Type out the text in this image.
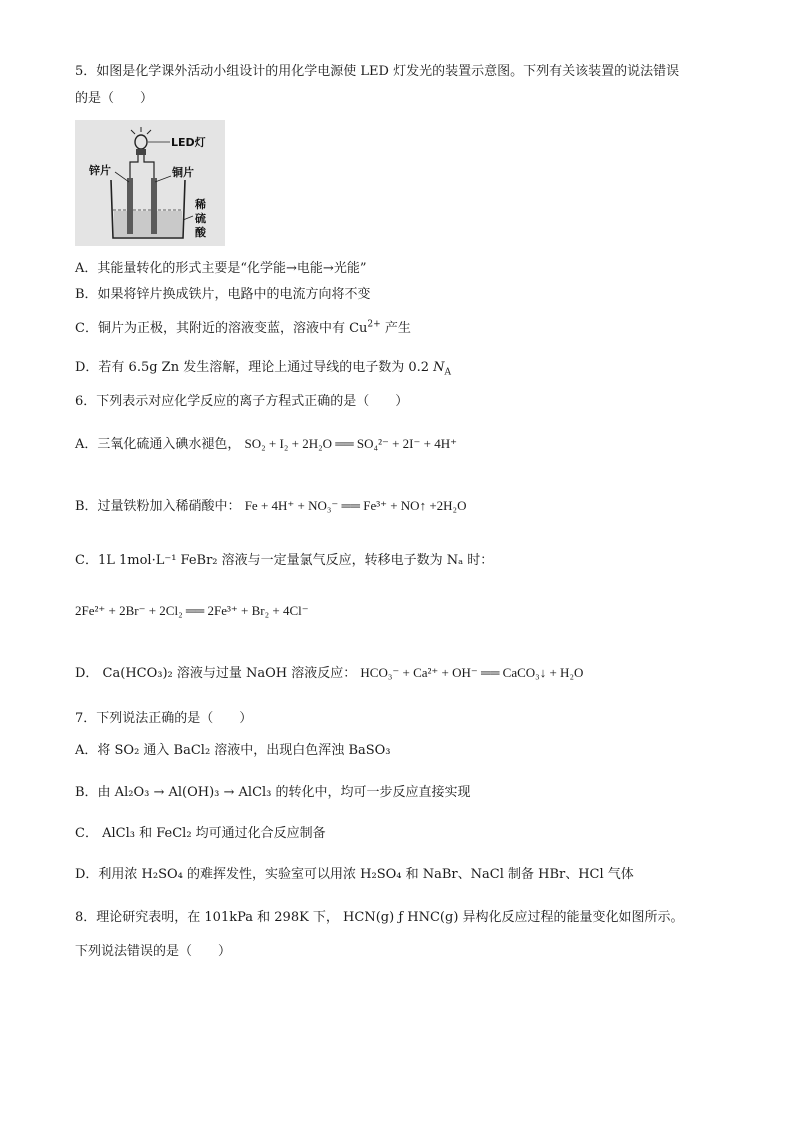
5．如图是化学课外活动小组设计的用化学电源使 LED 灯发光的装置示意图。下列有关该装置的说法错误
的是（　　）
LED灯
锌片	铜片
稀
硫
酸
A．其能量转化的形式主要是“化学能→电能→光能”
B．如果将锌片换成铁片，电路中的电流方向将不变
C．铜片为正极，其附近的溶液变蓝，溶液中有 $Cu^{2+}$ 产生
D．若有 6.5g Zn 发生溶解，理论上通过导线的电子数为 0.2 $N_A$
6．下列表示对应化学反应的离子方程式正确的是（　　）
A．三氧化硫通入碘水褪色， SO₂ + I₂ + 2H₂O ══ SO₄²⁻ + 2I⁻ + 4H⁺
B．过量铁粉加入稀硝酸中： Fe + 4H⁺ + NO₃⁻ ══ Fe³⁺ + NO↑ +2H₂O
C．1L 1mol·L⁻¹ FeBr₂ 溶液与一定量氯气反应，转移电子数为 Nₐ 时：
2Fe²⁺ + 2Br⁻ + 2Cl₂ ══ 2Fe³⁺ + Br₂ + 4Cl⁻
D． Ca(HCO₃)₂ 溶液与过量 NaOH 溶液反应： HCO₃⁻ + Ca²⁺ + OH⁻ ══ CaCO₃↓ + H₂O
7．下列说法正确的是（　　）
A．将 SO₂ 通入 BaCl₂ 溶液中，出现白色浑浊 BaSO₃
B．由 Al₂O₃ → Al(OH)₃ → AlCl₃ 的转化中，均可一步反应直接实现
C． AlCl₃ 和 FeCl₂ 均可通过化合反应制备
D．利用浓 H₂SO₄ 的难挥发性，实验室可以用浓 H₂SO₄ 和 NaBr、NaCl 制备 HBr、HCl 气体
8．理论研究表明，在 101kPa 和 298K 下， HCN(g) ƒ HNC(g) 异构化反应过程的能量变化如图所示。
下列说法错误的是（　　）
